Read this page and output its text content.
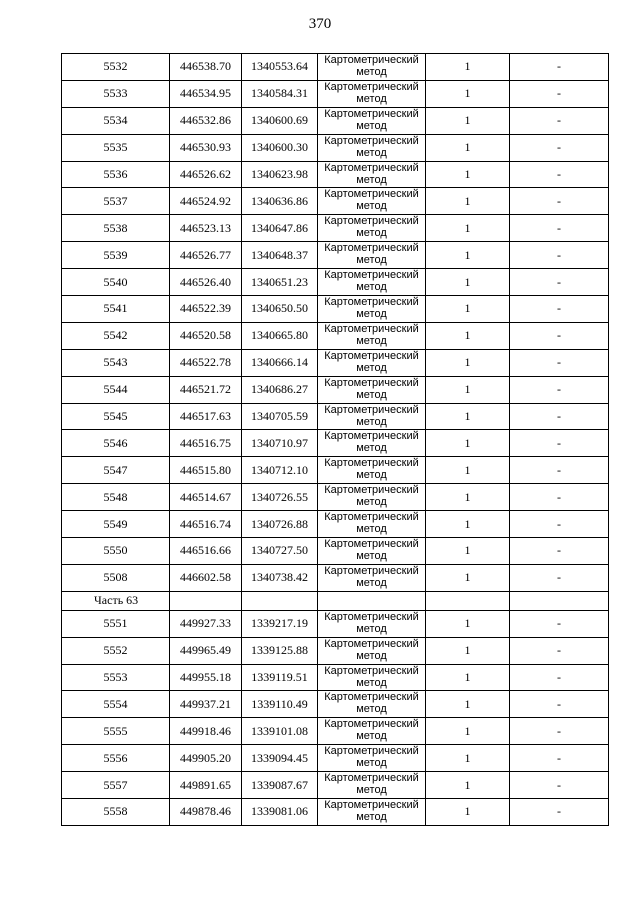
370
5532	446538.70	1340553.64	Картометрический
метод	1	-
5533	446534.95	1340584.31	Картометрический
метод	1	-
5534	446532.86	1340600.69	Картометрический
метод	1	-
5535	446530.93	1340600.30	Картометрический
метод	1	-
5536	446526.62	1340623.98	Картометрический
метод	1	-
5537	446524.92	1340636.86	Картометрический
метод	1	-
5538	446523.13	1340647.86	Картометрический
метод	1	-
5539	446526.77	1340648.37	Картометрический
метод	1	-
5540	446526.40	1340651.23	Картометрический
метод	1	-
5541	446522.39	1340650.50	Картометрический
метод	1	-
5542	446520.58	1340665.80	Картометрический
метод	1	-
5543	446522.78	1340666.14	Картометрический
метод	1	-
5544	446521.72	1340686.27	Картометрический
метод	1	-
5545	446517.63	1340705.59	Картометрический
метод	1	-
5546	446516.75	1340710.97	Картометрический
метод	1	-
5547	446515.80	1340712.10	Картометрический
метод	1	-
5548	446514.67	1340726.55	Картометрический
метод	1	-
5549	446516.74	1340726.88	Картометрический
метод	1	-
5550	446516.66	1340727.50	Картометрический
метод	1	-
5508	446602.58	1340738.42	Картометрический
метод	1	-
Часть 63					
5551	449927.33	1339217.19	Картометрический
метод	1	-
5552	449965.49	1339125.88	Картометрический
метод	1	-
5553	449955.18	1339119.51	Картометрический
метод	1	-
5554	449937.21	1339110.49	Картометрический
метод	1	-
5555	449918.46	1339101.08	Картометрический
метод	1	-
5556	449905.20	1339094.45	Картометрический
метод	1	-
5557	449891.65	1339087.67	Картометрический
метод	1	-
5558	449878.46	1339081.06	Картометрический
метод	1	-
